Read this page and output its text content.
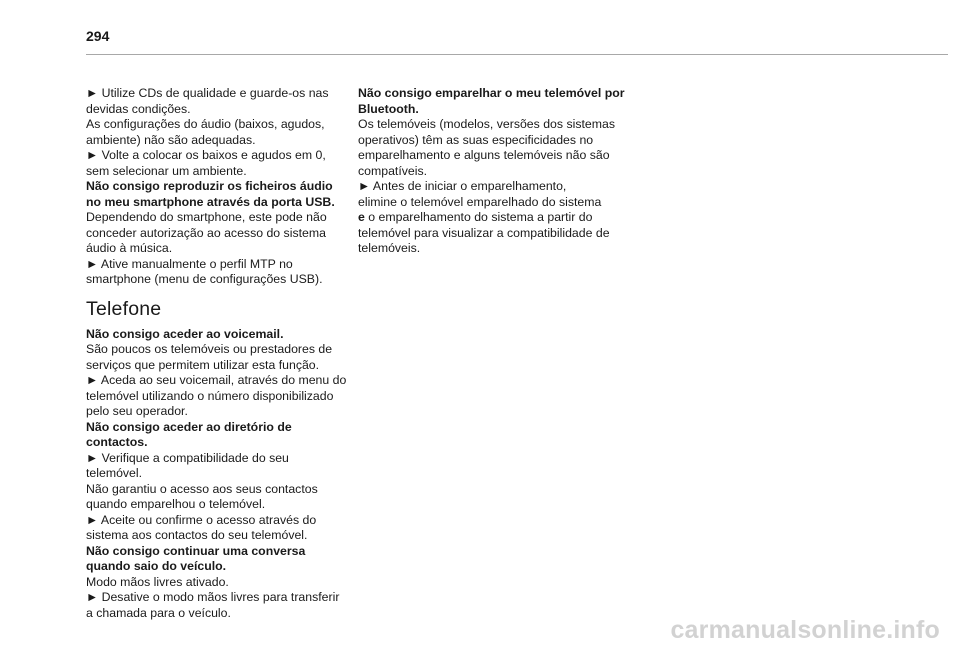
294

► Utilize CDs de qualidade e guarde-os nas devidas condições.

As configurações do áudio (baixos, agudos, ambiente) não são adequadas.

► Volte a colocar os baixos e agudos em 0, sem selecionar um ambiente.

Não consigo reproduzir os ficheiros áudio no meu smartphone através da porta USB.

Dependendo do smartphone, este pode não conceder autorização ao acesso do sistema áudio à música.

► Ative manualmente o perfil MTP no smartphone (menu de configurações USB).

Telefone

Não consigo aceder ao voicemail.

São poucos os telemóveis ou prestadores de serviços que permitem utilizar esta função.

► Aceda ao seu voicemail, através do menu do telemóvel utilizando o número disponibilizado pelo seu operador.

Não consigo aceder ao diretório de contactos.

► Verifique a compatibilidade do seu telemóvel.

Não garantiu o acesso aos seus contactos quando emparelhou o telemóvel.

► Aceite ou confirme o acesso através do sistema aos contactos do seu telemóvel.

Não consigo continuar uma conversa quando saio do veículo.

Modo mãos livres ativado.

► Desative o modo mãos livres para transferir a chamada para o veículo.

Não consigo emparelhar o meu telemóvel por Bluetooth.

Os telemóveis (modelos, versões dos sistemas operativos) têm as suas especificidades no emparelhamento e alguns telemóveis não são compatíveis.

► Antes de iniciar o emparelhamento,
elimine o telemóvel emparelhado do sistema
e o emparelhamento do sistema a partir do telemóvel para visualizar a compatibilidade de telemóveis.

carmanualsonline.info
